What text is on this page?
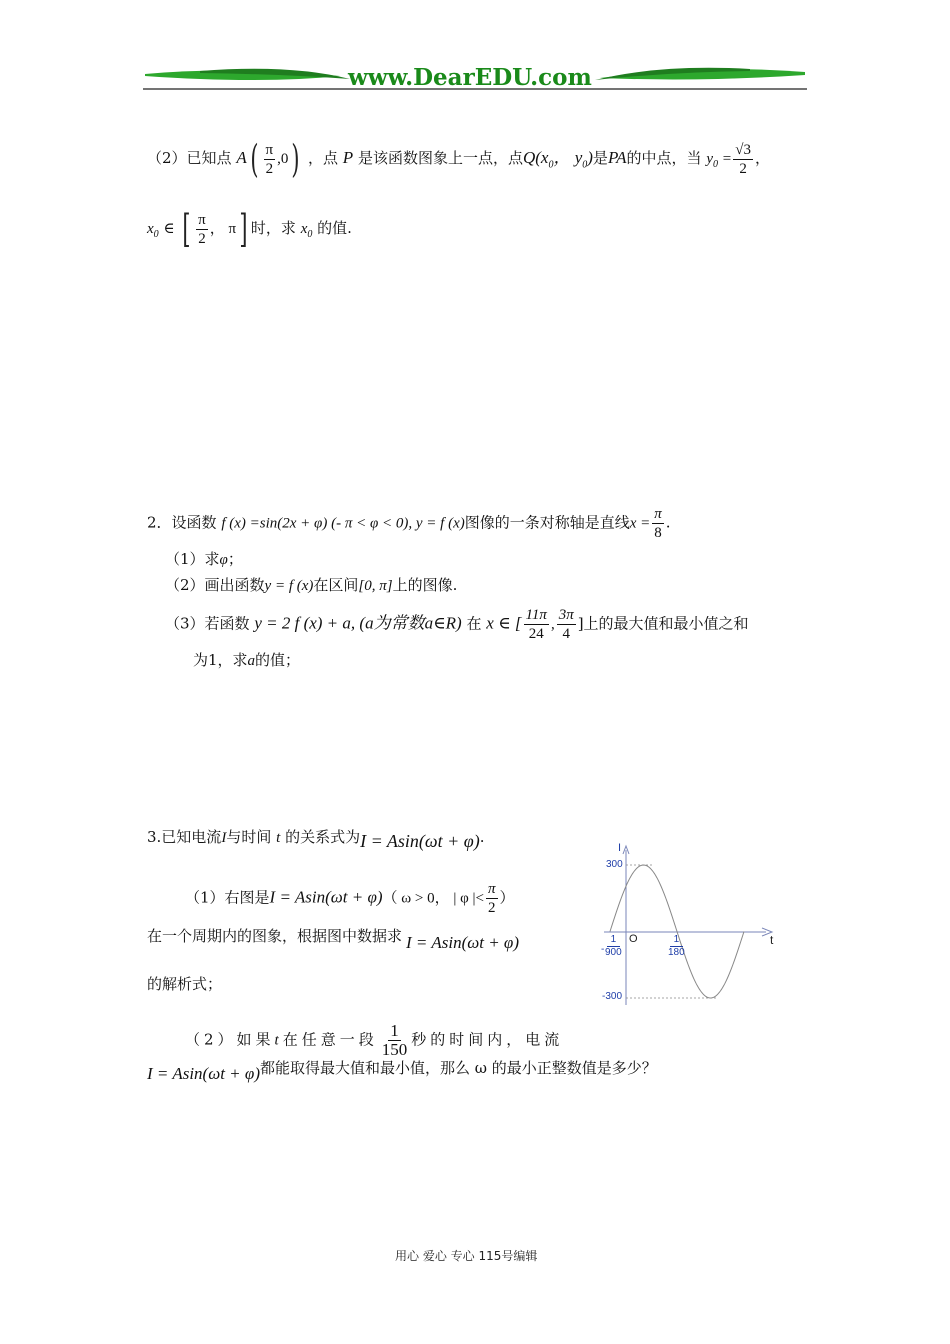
www.DearEDU.com
（2）已知点 $A( \frac{\pi}{2} ,0)$ ，点 P 是该函数图象上一点，点$Q(x_0$， $y_0$)是PA的中点，当 $y_0 = \frac{√3}{2}$ ，
$x_0$ ∈ [ $\frac{\pi}{2}$ ， π] 时，求 $x_0$ 的值.
2．设函数 f (x) =sin(2x + φ) (- π < φ < 0), y = f (x)图像的一条对称轴是直线$x = \frac{\pi}{8}$ .
（1）求φ；
（2）画出函数y = f (x)在区间[0, π]上的图像.
（3）若函数 y = 2 f (x) + a, (a为常数a∈R) 在 x ∈ [ $\frac{11\pi}{24}$ , $\frac{3\pi}{4}$ ]上的最大值和最小值之和
为1，求a的值；
3.已知电流I与时间 t 的关系式为I = Asin(ωt + φ).
（1）右图是I = Asin(ωt + φ)（ ω > 0， | φ |< $\frac{\pi}{2}$ ）
在一个周期内的图象，根据图中数据求 I = Asin(ωt + φ)
的解析式；
（2）如果t在任意一段 $\frac{1}{150}$ 秒的时间内，电流
I = Asin(ωt + φ)都能取得最大值和最小值，那么 ω 的最小正整数值是多少？
I
t
O
300
-300
-
1
900
1
180
用心 爱心 专心 115号编辑
